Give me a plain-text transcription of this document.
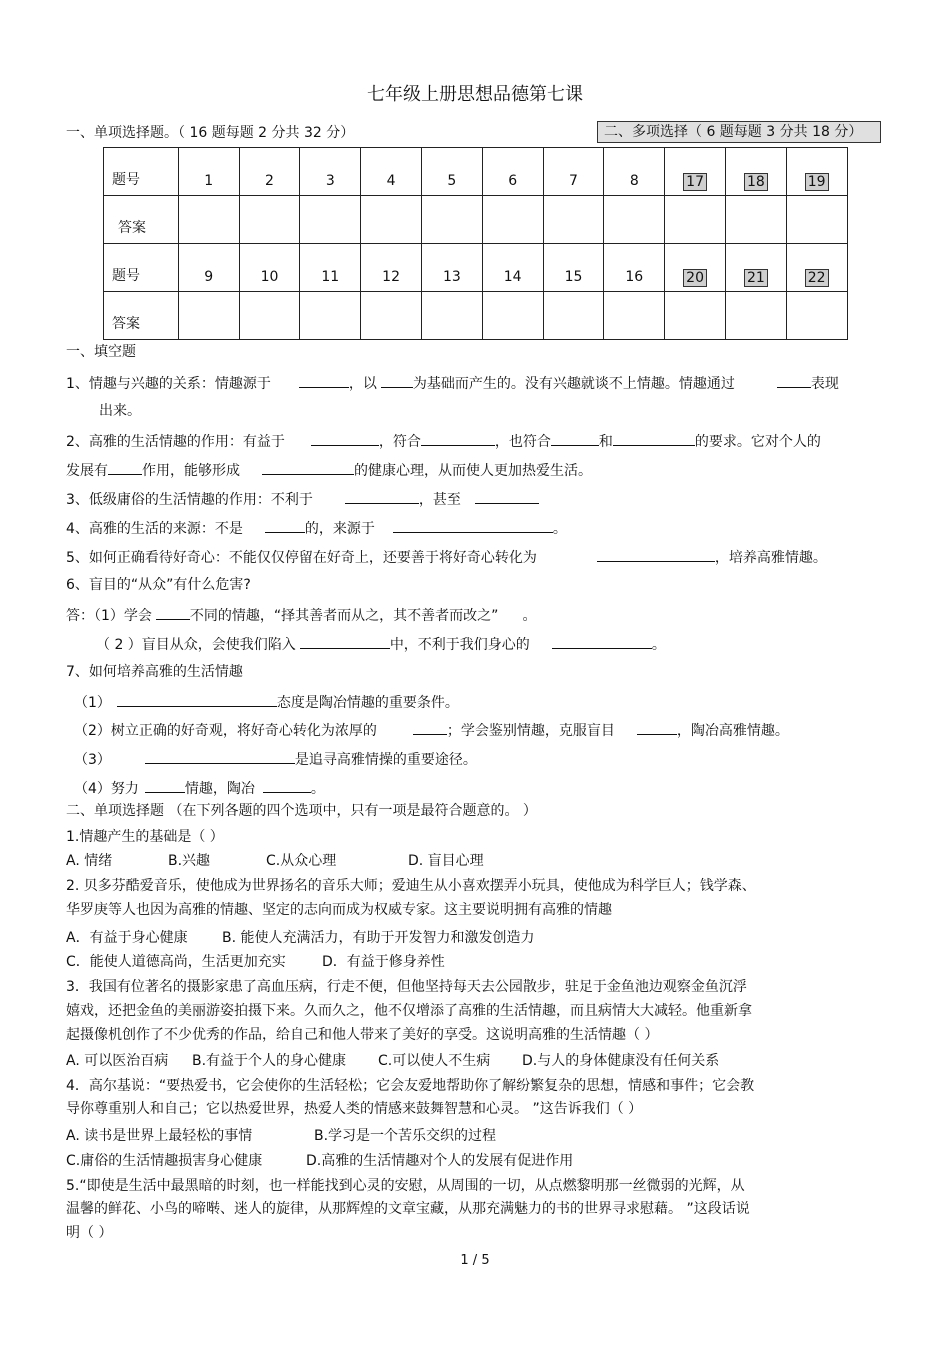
七年级上册思想品德第七课
一、单项选择题。（ 16 题每题 2 分共 32 分）	二、多项选择（ 6 题每题 3 分共 18 分）
题号	1	2	3	4	5	6	7	8	17	18	19
答案											
题号	9	10	11	12	13	14	15	16	20	21	22
答案											
一、填空题
1、情趣与兴趣的关系：情趣源于	，以	为基础而产生的。没有兴趣就谈不上情趣。情趣通过	表现
出来。
2、高雅的生活情趣的作用：有益于	，符合	，也符合	和	的要求。它对个人的
发展有 作用，能够形成	的健康心理，从而使人更加热爱生活。
3、低级庸俗的生活情趣的作用：不利于	，甚至
4、高雅的生活的来源：不是	的，来源于	。
5、如何正确看待好奇心：不能仅仅停留在好奇上，还要善于将好奇心转化为	，培养高雅情趣。
6、盲目的“从众”有什么危害?
答：（1）学会	不同的情趣，“择其善者而从之，其不善者而改之” 。
（ 2 ）盲目从众，会使我们陷入	中，不利于我们身心的	。
7、如何培养高雅的生活情趣
（1）	态度是陶冶情趣的重要条件。
（2）树立正确的好奇观，将好奇心转化为浓厚的	；学会鉴别情趣，克服盲目	，陶冶高雅情趣。
（3）	是追寻高雅情操的重要途径。
（4）努力	情趣，陶冶	。
二、单项选择题 （在下列各题的四个选项中，只有一项是最符合题意的。 ）
1.情趣产生的基础是（ ）
A. 情绪	B.兴趣	C.从众心理	D. 盲目心理
2. 贝多芬酷爱音乐，使他成为世界扬名的音乐大师；爱迪生从小喜欢摆弄小玩具，使他成为科学巨人；钱学森、
华罗庚等人也因为高雅的情趣、坚定的志向而成为权威专家。这主要说明拥有高雅的情趣
A．有益于身心健康 B. 能使人充满活力，有助于开发智力和激发创造力
C．能使人道德高尚，生活更加充实	D．有益于修身养性
3．我国有位著名的摄影家患了高血压病，行走不便，但他坚持每天去公园散步，驻足于金鱼池边观察金鱼沉浮
嬉戏，还把金鱼的美丽游姿拍摄下来。久而久之，他不仅增添了高雅的生活情趣，而且病情大大减轻。他重新拿
起摄像机创作了不少优秀的作品，给自己和他人带来了美好的享受。这说明高雅的生活情趣（ ）
A. 可以医治百病 B.有益于个人的身心健康 C.可以使人不生病 D.与人的身体健康没有任何关系
4．高尔基说：“要热爱书，它会使你的生活轻松；它会友爱地帮助你了解纷繁复杂的思想，情感和事件；它会教
导你尊重别人和自己；它以热爱世界，热爱人类的情感来鼓舞智慧和心灵。 ”这告诉我们（ ）
A. 读书是世界上最轻松的事情	B.学习是一个苦乐交织的过程
C.庸俗的生活情趣损害身心健康	D.高雅的生活情趣对个人的发展有促进作用
5.“即使是生活中最黑暗的时刻，也一样能找到心灵的安慰，从周围的一切，从点燃黎明那一丝微弱的光辉，从
温馨的鲜花、小鸟的啼啭、迷人的旋律，从那辉煌的文章宝藏，从那充满魅力的书的世界寻求慰藉。 ”这段话说
明（ ）
1 / 5
